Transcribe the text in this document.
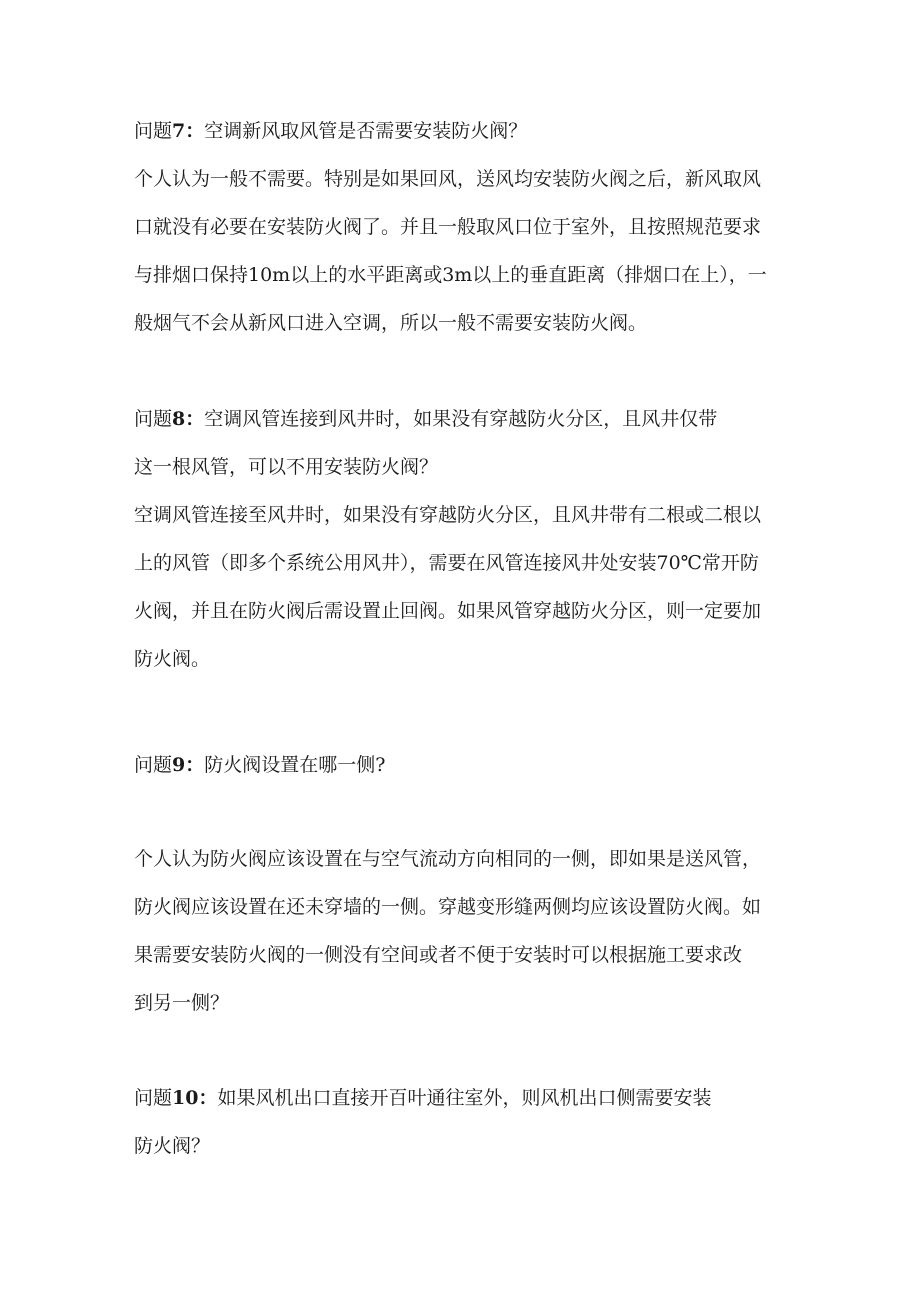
问题7：空调新风取风管是否需要安装防火阀？
个人认为一般不需要。特别是如果回风，送风均安装防火阀之后，新风取风
口就没有必要在安装防火阀了。并且一般取风口位于室外，且按照规范要求
与排烟口保持10m以上的水平距离或3m以上的垂直距离（排烟口在上），一
般烟气不会从新风口进入空调，所以一般不需要安装防火阀。
问题8：空调风管连接到风井时，如果没有穿越防火分区，且风井仅带
这一根风管，可以不用安装防火阀？
空调风管连接至风井时，如果没有穿越防火分区，且风井带有二根或二根以
上的风管（即多个系统公用风井），需要在风管连接风井处安装70℃常开防
火阀，并且在防火阀后需设置止回阀。如果风管穿越防火分区，则一定要加
防火阀。
问题9：防火阀设置在哪一侧?
个人认为防火阀应该设置在与空气流动方向相同的一侧，即如果是送风管，
防火阀应该设置在还未穿墙的一侧。穿越变形缝两侧均应该设置防火阀。如
果需要安装防火阀的一侧没有空间或者不便于安装时可以根据施工要求改
到另一侧？
问题10：如果风机出口直接开百叶通往室外，则风机出口侧需要安装
防火阀？
